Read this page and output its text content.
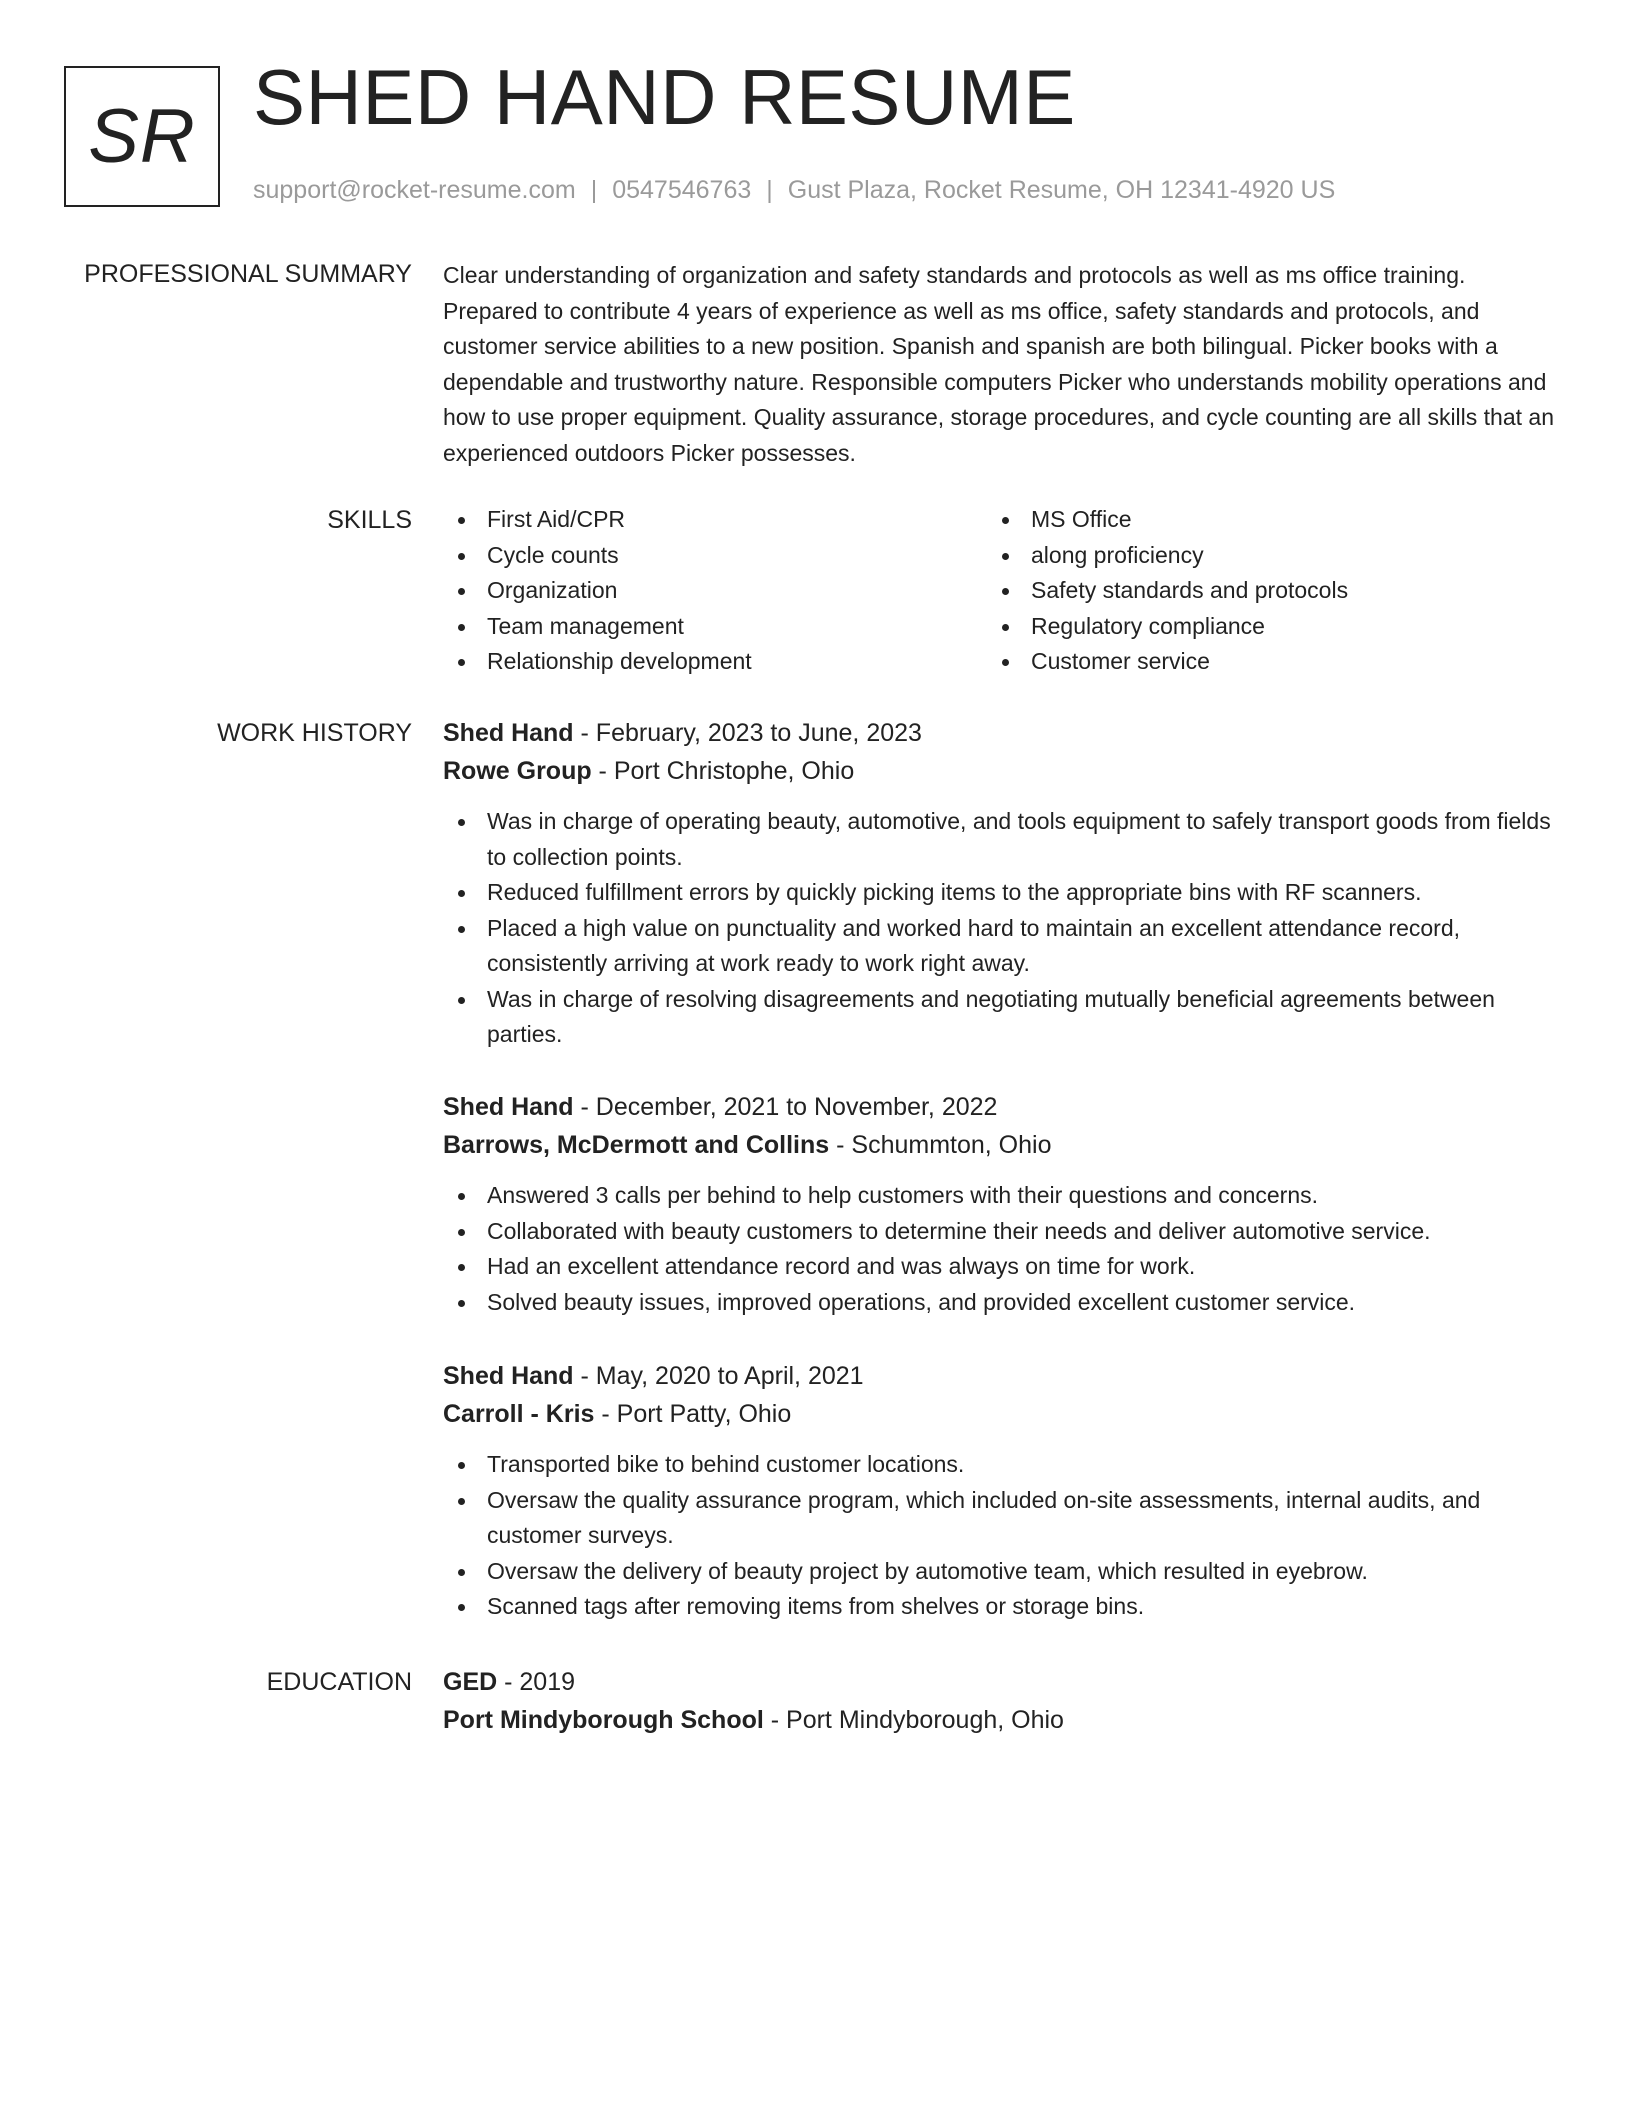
SR SHED HAND RESUME
support@rocket-resume.com | 0547546763 | Gust Plaza, Rocket Resume, OH 12341-4920 US
PROFESSIONAL SUMMARY Clear understanding of organization and safety standards and protocols as well as ms office training. Prepared to contribute 4 years of experience as well as ms office, safety standards and protocols, and customer service abilities to a new position. Spanish and spanish are both bilingual. Picker books with a dependable and trustworthy nature. Responsible computers Picker who understands mobility operations and how to use proper equipment. Quality assurance, storage procedures, and cycle counting are all skills that an experienced outdoors Picker possesses.

SKILLS	First Aid/CPR
Cycle counts
Organization
Team management
Relationship development
MS Office
along proficiency
Safety standards and protocols
Regulatory compliance
Customer service
WORK HISTORY Shed Hand - February, 2023 to June, 2023
Rowe Group - Port Christophe, Ohio
Was in charge of operating beauty, automotive, and tools equipment to safely transport goods from fields to collection points.
Reduced fulfillment errors by quickly picking items to the appropriate bins with RF scanners.
Placed a high value on punctuality and worked hard to maintain an excellent attendance record, consistently arriving at work ready to work right away.
Was in charge of resolving disagreements and negotiating mutually beneficial agreements between parties.
Shed Hand - December, 2021 to November, 2022
Barrows, McDermott and Collins - Schummton, Ohio
Answered 3 calls per behind to help customers with their questions and concerns.
Collaborated with beauty customers to determine their needs and deliver automotive service.
Had an excellent attendance record and was always on time for work.
Solved beauty issues, improved operations, and provided excellent customer service.
Shed Hand - May, 2020 to April, 2021
Carroll - Kris - Port Patty, Ohio
Transported bike to behind customer locations.
Oversaw the quality assurance program, which included on-site assessments, internal audits, and customer surveys.
Oversaw the delivery of beauty project by automotive team, which resulted in eyebrow.
Scanned tags after removing items from shelves or storage bins.
EDUCATION GED - 2019
Port Mindyborough School - Port Mindyborough, Ohio
